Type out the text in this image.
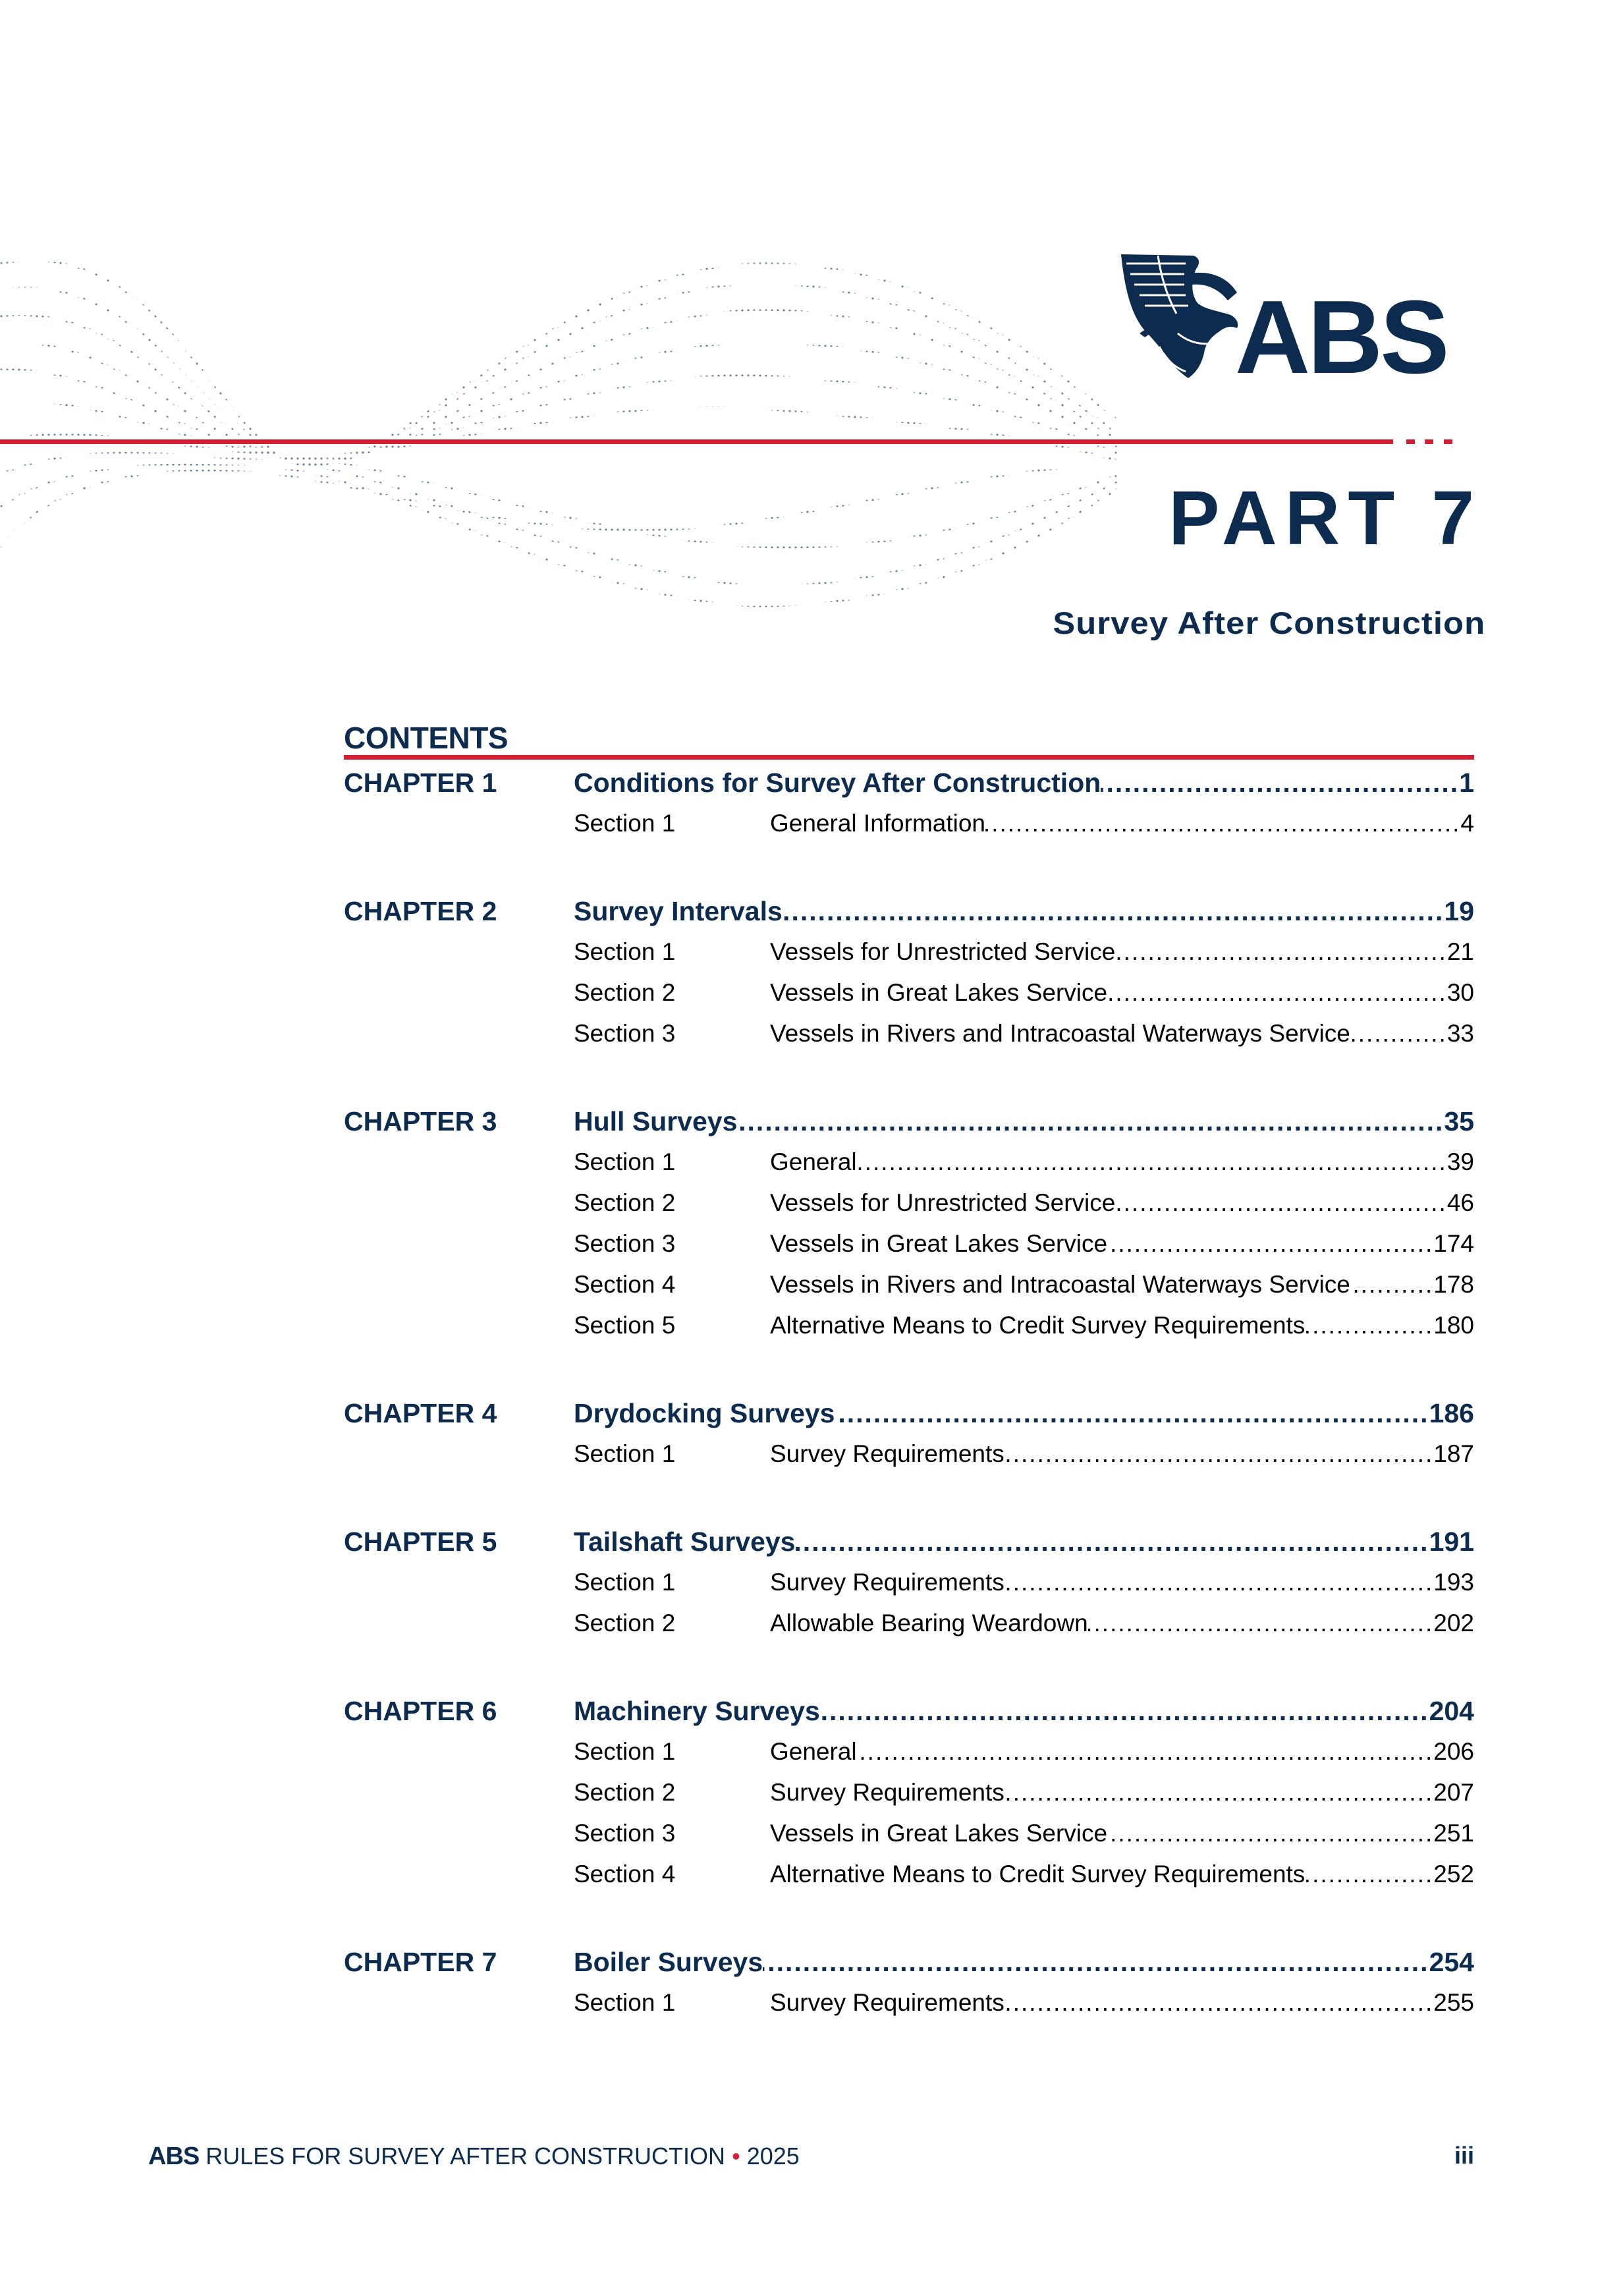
ABS
PART 7
Survey After Construction
CONTENTS
CHAPTER 1	Conditions for Survey After Construction .....	1
Section 1	General Information .....	4
CHAPTER 2	Survey Intervals .....	19
Section 1	Vessels for Unrestricted Service .....	21
Section 2	Vessels in Great Lakes Service .....	30
Section 3	Vessels in Rivers and Intracoastal Waterways Service .....	33
CHAPTER 3	Hull Surveys .....	35
Section 1	General .....	39
Section 2	Vessels for Unrestricted Service .....	46
Section 3	Vessels in Great Lakes Service .....	174
Section 4	Vessels in Rivers and Intracoastal Waterways Service .....	178
Section 5	Alternative Means to Credit Survey Requirements .....	180
CHAPTER 4	Drydocking Surveys .....	186
Section 1	Survey Requirements .....	187
CHAPTER 5	Tailshaft Surveys .....	191
Section 1	Survey Requirements .....	193
Section 2	Allowable Bearing Weardown .....	202
CHAPTER 6	Machinery Surveys .....	204
Section 1	General .....	206
Section 2	Survey Requirements .....	207
Section 3	Vessels in Great Lakes Service .....	251
Section 4	Alternative Means to Credit Survey Requirements .....	252
CHAPTER 7	Boiler Surveys .....	254
Section 1	Survey Requirements .....	255
ABS RULES FOR SURVEY AFTER CONSTRUCTION • 2025	iii
